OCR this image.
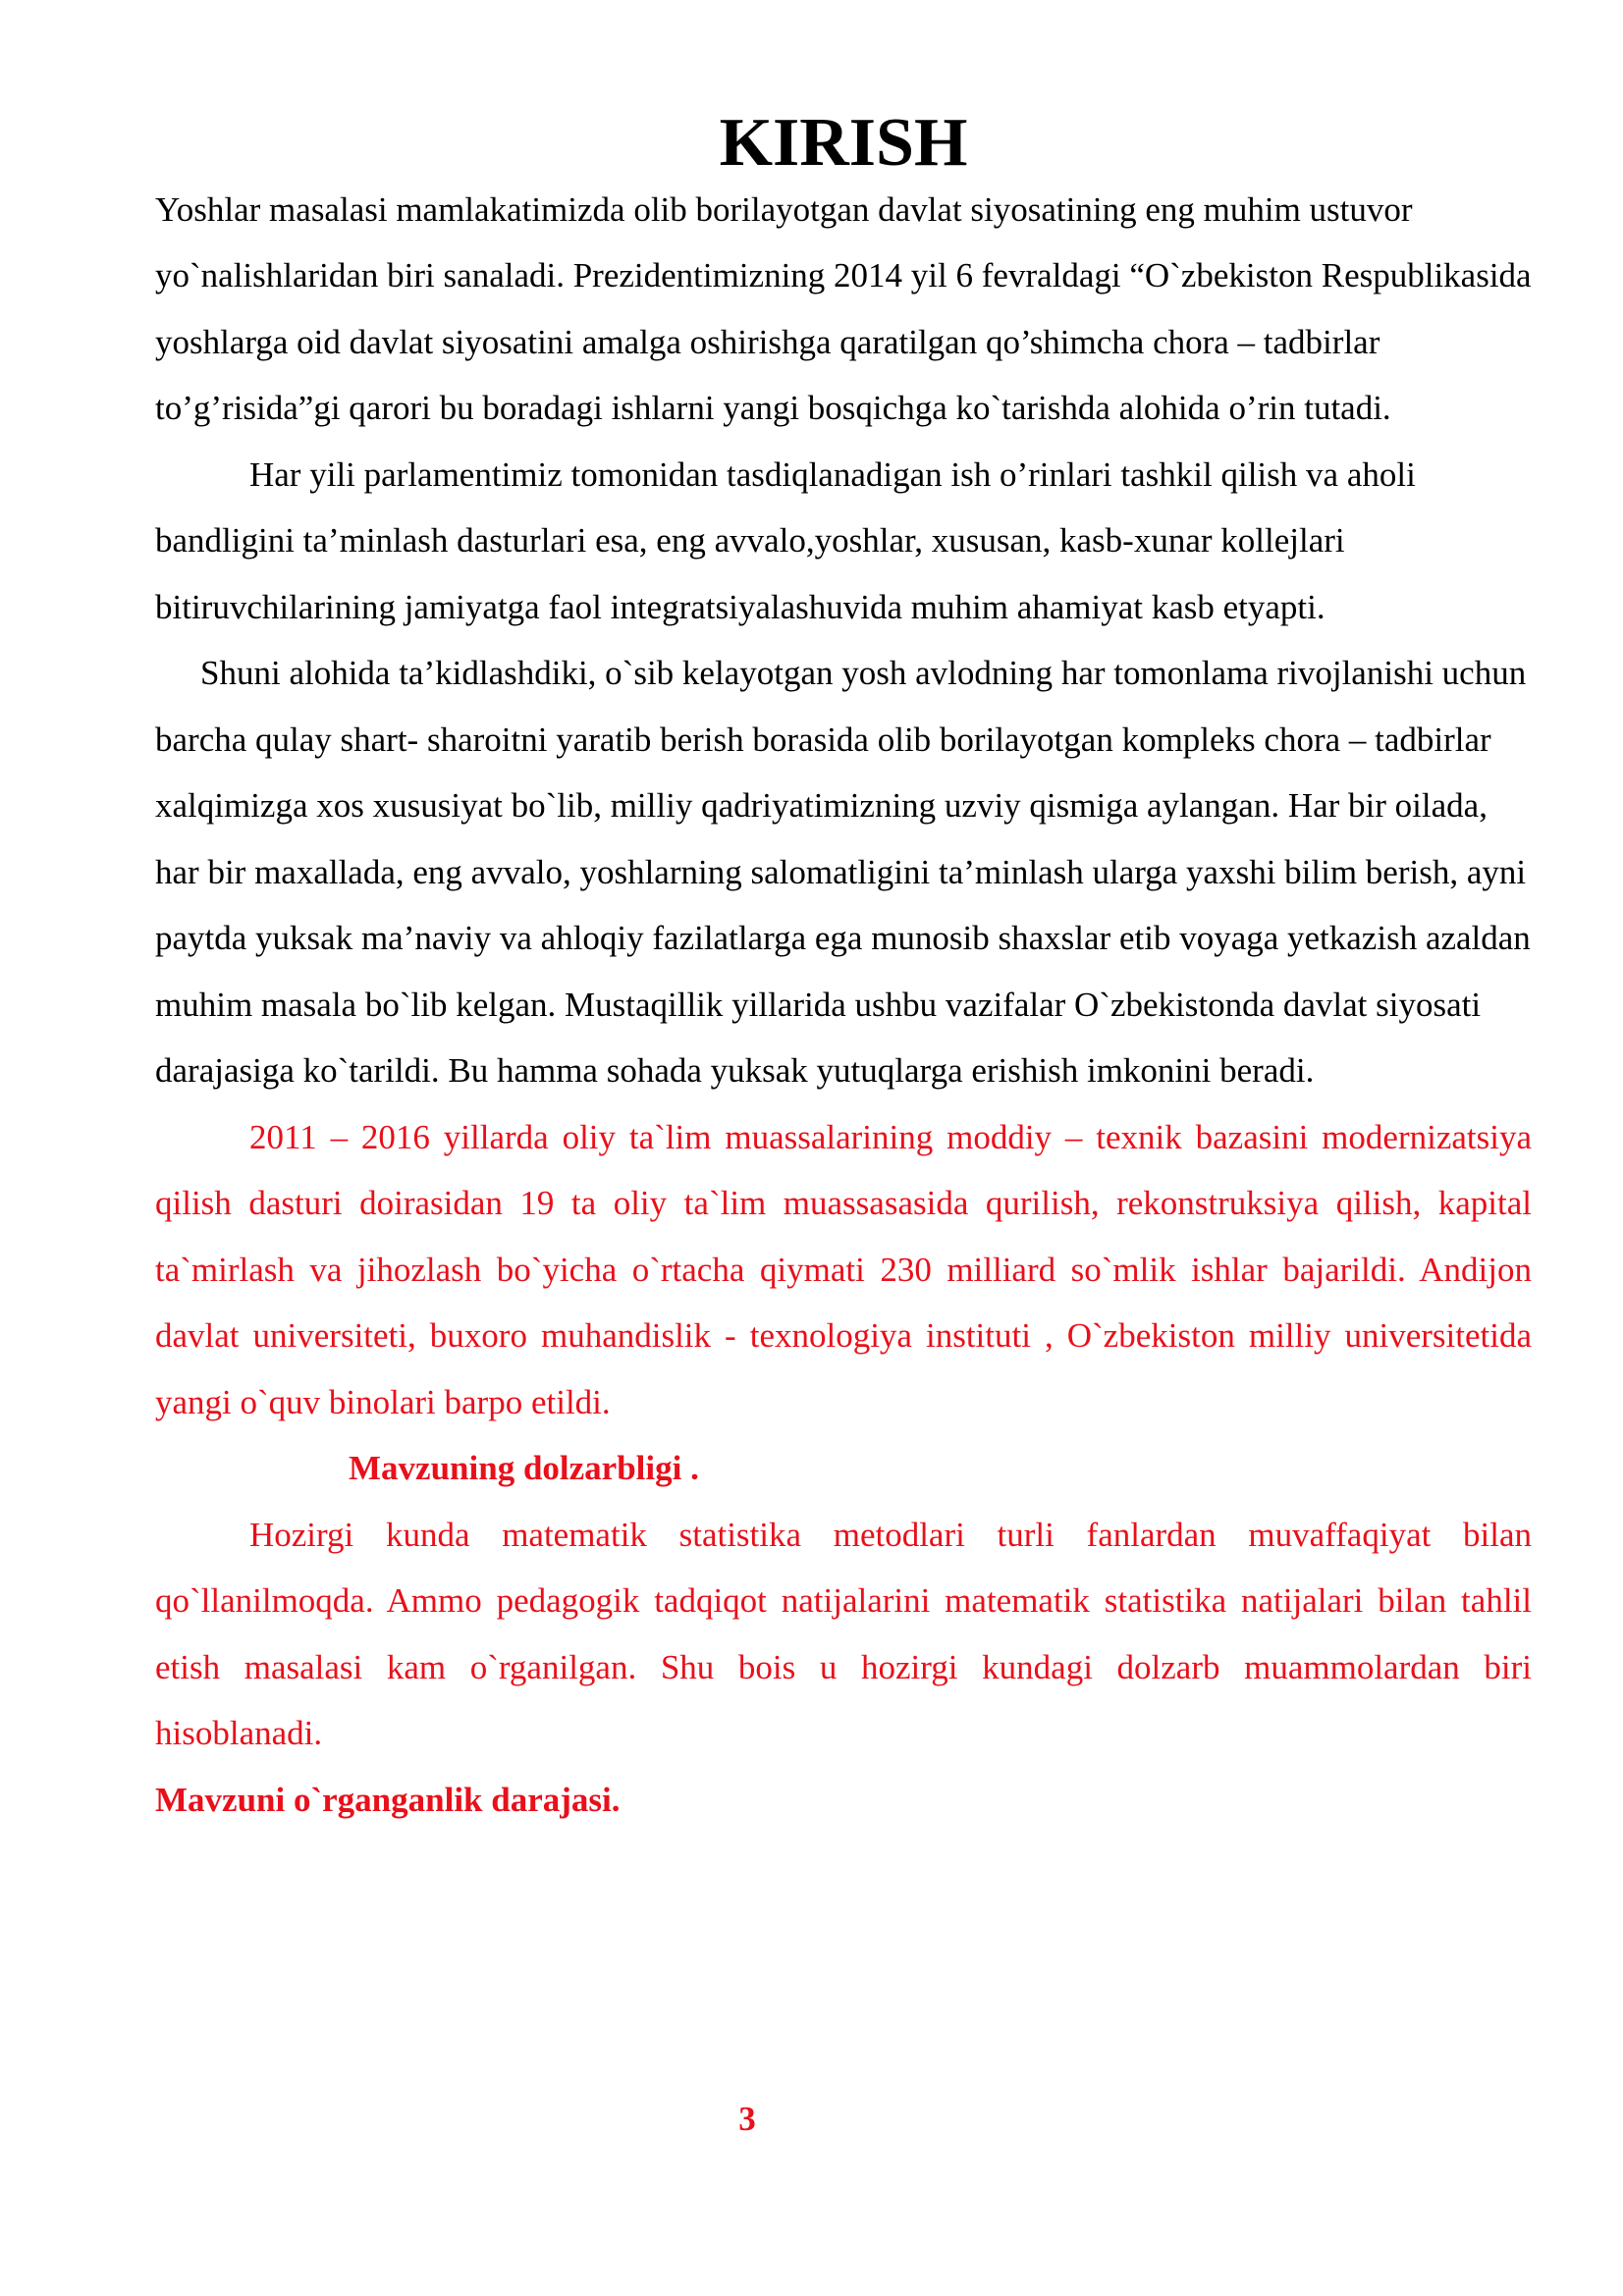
KIRISH

Yoshlar masalasi mamlakatimizda olib borilayotgan davlat siyosatining eng muhim ustuvor yo`nalishlaridan biri sanaladi. Prezidentimizning 2014 yil 6 fevraldagi “O`zbekiston Respublikasida yoshlarga oid davlat siyosatini amalga oshirishga qaratilgan qo’shimcha chora – tadbirlar to’g’risida”gi qarori bu boradagi ishlarni yangi bosqichga ko`tarishda alohida o’rin tutadi.

Har yili parlamentimiz tomonidan tasdiqlanadigan ish o’rinlari tashkil qilish va aholi bandligini ta’minlash dasturlari esa, eng avvalo,yoshlar, xususan, kasb-xunar kollejlari bitiruvchilarining jamiyatga faol integratsiyalashuvida muhim ahamiyat kasb etyapti.

Shuni alohida ta’kidlashdiki, o`sib kelayotgan yosh avlodning har tomonlama rivojlanishi uchun barcha qulay shart- sharoitni yaratib berish borasida olib borilayotgan kompleks chora – tadbirlar xalqimizga xos xususiyat bo`lib, milliy qadriyatimizning uzviy qismiga aylangan. Har bir oilada, har bir maxallada, eng avvalo, yoshlarning salomatligini ta’minlash ularga yaxshi bilim berish, ayni paytda yuksak ma’naviy va ahloqiy fazilatlarga ega munosib shaxslar etib voyaga yetkazish azaldan muhim masala bo`lib kelgan. Mustaqillik yillarida ushbu vazifalar O`zbekistonda davlat siyosati darajasiga ko`tarildi. Bu hamma sohada yuksak yutuqlarga erishish imkonini beradi.

2011 – 2016 yillarda oliy ta`lim muassalarining moddiy – texnik bazasini modernizatsiya qilish dasturi doirasidan 19 ta oliy ta`lim muassasasida qurilish, rekonstruksiya qilish, kapital ta`mirlash va jihozlash bo`yicha o`rtacha qiymati 230 milliard so`mlik ishlar bajarildi. Andijon davlat universiteti, buxoro muhandislik - texnologiya instituti , O`zbekiston milliy universitetida yangi o`quv binolari barpo etildi.

Mavzuning dolzarbligi .

Hozirgi kunda matematik statistika metodlari turli fanlardan muvaffaqiyat bilan qo`llanilmoqda. Ammo pedagogik tadqiqot natijalarini matematik statistika natijalari bilan tahlil etish masalasi kam o`rganilgan. Shu bois u hozirgi kundagi dolzarb muammolardan biri hisoblanadi.

Mavzuni o`rganganlik darajasi.

3
